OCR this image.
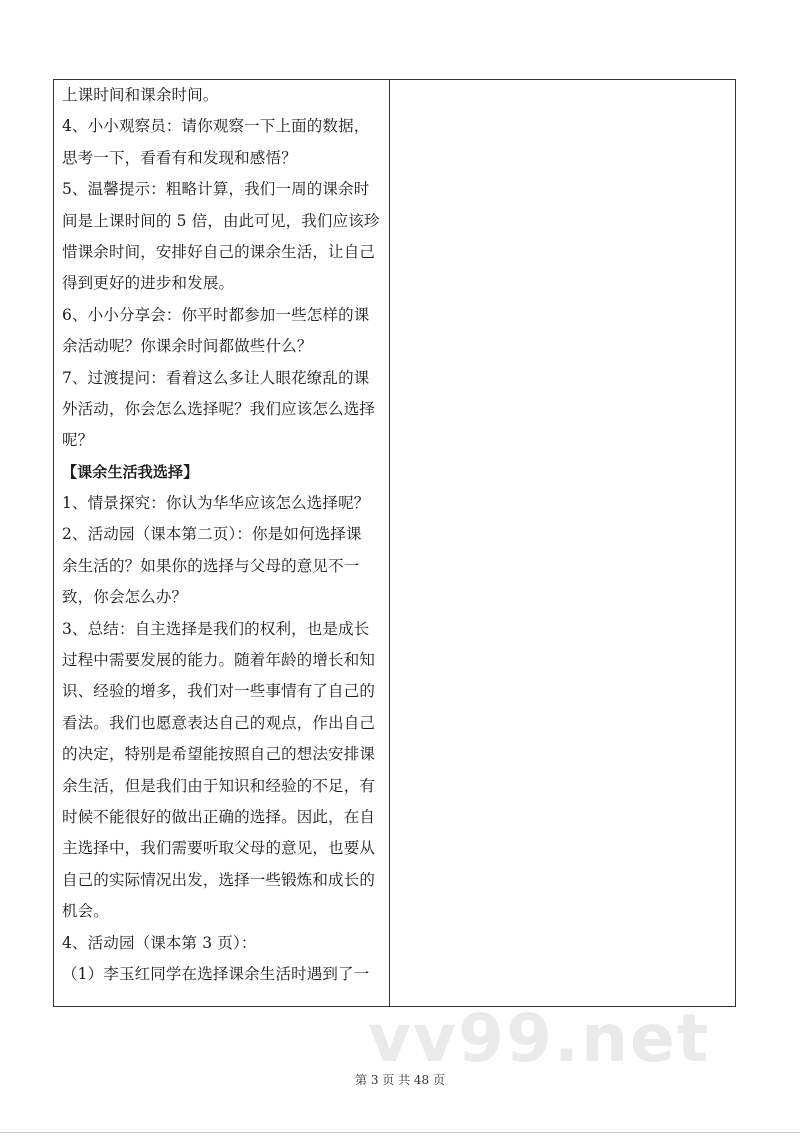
上课时间和课余时间。
4、小小观察员：请你观察一下上面的数据，
思考一下，看看有和发现和感悟？
5、温馨提示：粗略计算，我们一周的课余时
间是上课时间的 5 倍，由此可见，我们应该珍
惜课余时间，安排好自己的课余生活，让自己
得到更好的进步和发展。
6、小小分享会：你平时都参加一些怎样的课
余活动呢？你课余时间都做些什么？
7、过渡提问：看着这么多让人眼花缭乱的课
外活动，你会怎么选择呢？我们应该怎么选择
呢？
【课余生活我选择】
1、情景探究：你认为华华应该怎么选择呢？
2、活动园（课本第二页）：你是如何选择课
余生活的？如果你的选择与父母的意见不一
致，你会怎么办？
3、总结：自主选择是我们的权利，也是成长
过程中需要发展的能力。随着年龄的增长和知
识、经验的增多，我们对一些事情有了自己的
看法。我们也愿意表达自己的观点，作出自己
的决定，特别是希望能按照自己的想法安排课
余生活，但是我们由于知识和经验的不足，有
时候不能很好的做出正确的选择。因此，在自
主选择中，我们需要听取父母的意见，也要从
自己的实际情况出发，选择一些锻炼和成长的
机会。
4、活动园（课本第 3 页）：
（1）李玉红同学在选择课余生活时遇到了一
vv99.net
第 3 页 共 48 页
